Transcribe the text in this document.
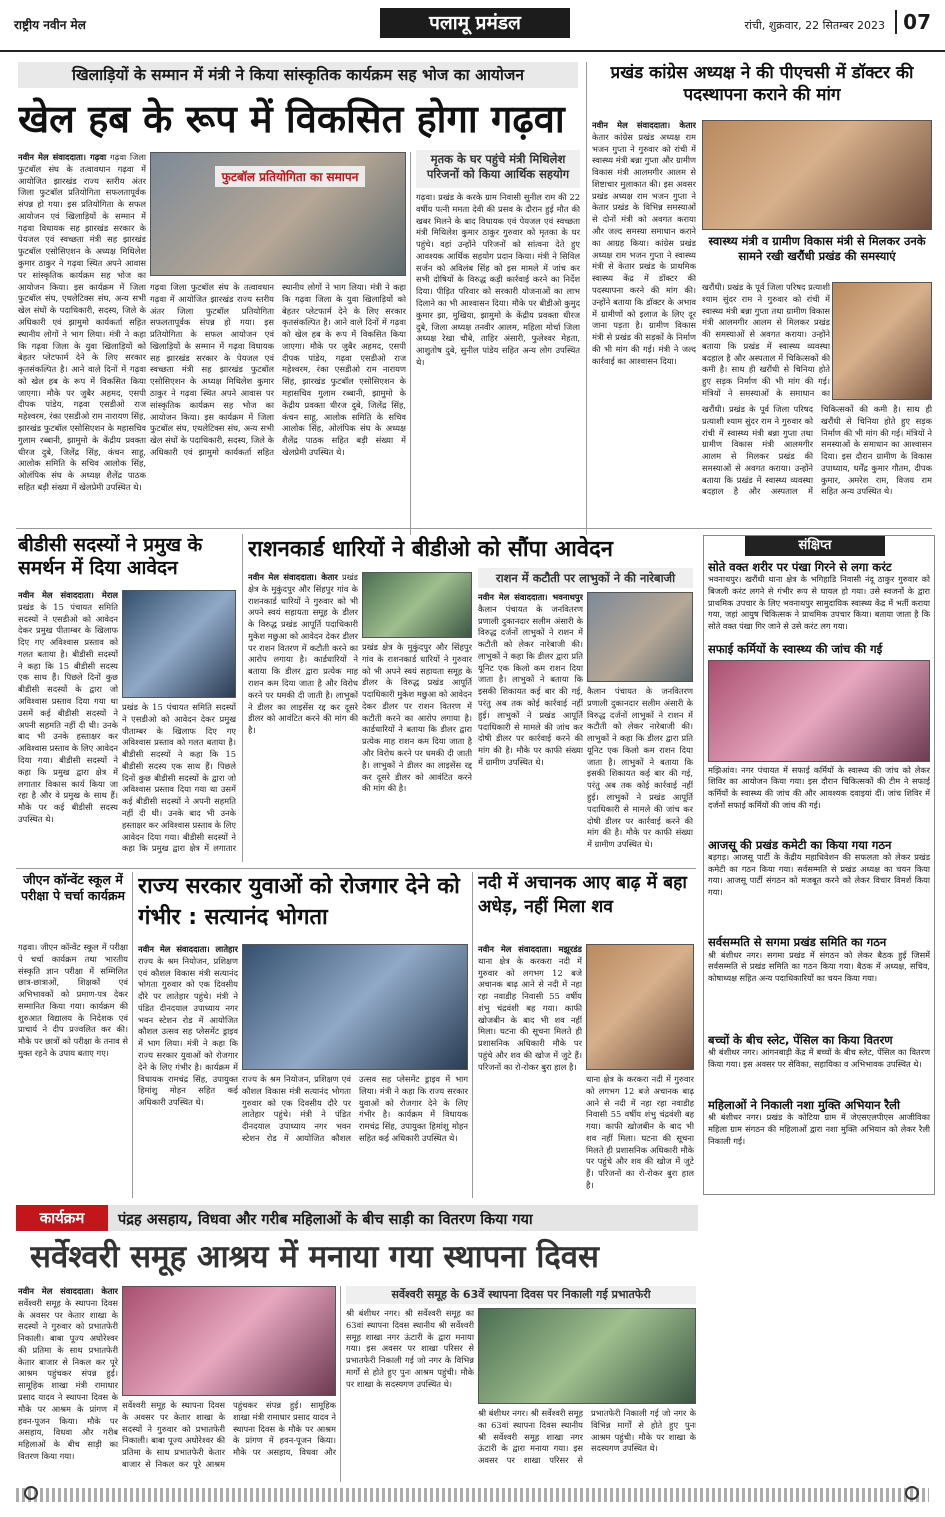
राष्ट्रीय नवीन मेल	पलामू प्रमंडल	रांची, शुक्रवार, 22 सितम्बर 2023 07
खिलाड़ियों के सम्मान में मंत्री ने किया सांस्कृतिक कार्यक्रम सह भोज का आयोजन
खेल हब के रूप में विकसित होगा गढ़वा
नवीन मेल संवाददाता। गढ़वा गढ़वा जिला फुटबॉल संघ के तत्वावधान गढ़वा में आयोजित झारखंड राज्य स्तरीय अंतर जिला फुटबॉल प्रतियोगिता सफलतापूर्वक संपन्न हो गया। इस प्रतियोगिता के सफल आयोजन एवं खिलाड़ियों के सम्मान में गढ़वा विधायक सह झारखंड सरकार के पेयजल एवं स्वच्छता मंत्री सह झारखंड फुटबॉल एसोसिएशन के अध्यक्ष मिथिलेश कुमार ठाकुर ने गढ़वा स्थित अपने आवास पर सांस्कृतिक कार्यक्रम सह भोज का आयोजन किया। इस कार्यक्रम में जिला फुटबॉल संघ, एथलेटिक्स संघ, अन्य सभी खेल संघों के पदाधिकारी, सदस्य, जिले के अधिकारी एवं झामुमो कार्यकर्ता सहित स्थानीय लोगों ने भाग लिया। मंत्री ने कहा कि गढ़वा जिला के युवा खिलाड़ियों को बेहतर प्लेटफार्म देने के लिए सरकार कृतसंकल्पित है। आने वाले दिनों में गढ़वा को खेल हब के रूप में विकसित किया जाएगा। मौके पर जुबैर अहमद, एसपी दीपक पांडेय, गढ़वा एसडीओ राज महेश्वरम, रंका एसडीओ राम नारायण सिंह, झारखंड फुटबॉल एसोसिएशन के महासचिव गुलाम रब्बानी, झामुमो के केंद्रीय प्रवक्ता धीरज दुबे, जिलेंद्र सिंह, कंचन साहू, आलोक समिति के सचिव आलोक सिंह, ओलंपिक संघ के अध्यक्ष शैलेंद्र पाठक सहित बड़ी संख्या में खेलप्रेमी उपस्थित थे।
फुटबॉल प्रतियोगिता का समापन
गढ़वा जिला फुटबॉल संघ के तत्वावधान गढ़वा में आयोजित झारखंड राज्य स्तरीय अंतर जिला फुटबॉल प्रतियोगिता सफलतापूर्वक संपन्न हो गया। इस प्रतियोगिता के सफल आयोजन एवं खिलाड़ियों के सम्मान में गढ़वा विधायक सह झारखंड सरकार के पेयजल एवं स्वच्छता मंत्री सह झारखंड फुटबॉल एसोसिएशन के अध्यक्ष मिथिलेश कुमार ठाकुर ने गढ़वा स्थित अपने आवास पर सांस्कृतिक कार्यक्रम सह भोज का आयोजन किया। इस कार्यक्रम में जिला फुटबॉल संघ, एथलेटिक्स संघ, अन्य सभी खेल संघों के पदाधिकारी, सदस्य, जिले के अधिकारी एवं झामुमो कार्यकर्ता सहित स्थानीय लोगों ने भाग लिया। मंत्री ने कहा कि गढ़वा जिला के युवा खिलाड़ियों को बेहतर प्लेटफार्म देने के लिए सरकार कृतसंकल्पित है। आने वाले दिनों में गढ़वा को खेल हब के रूप में विकसित किया जाएगा। मौके पर जुबैर अहमद, एसपी दीपक पांडेय, गढ़वा एसडीओ राज महेश्वरम, रंका एसडीओ राम नारायण सिंह, झारखंड फुटबॉल एसोसिएशन के महासचिव गुलाम रब्बानी, झामुमो के केंद्रीय प्रवक्ता धीरज दुबे, जिलेंद्र सिंह, कंचन साहू, आलोक समिति के सचिव आलोक सिंह, ओलंपिक संघ के अध्यक्ष शैलेंद्र पाठक सहित बड़ी संख्या में खेलप्रेमी उपस्थित थे।
मृतक के घर पहुंचे मंत्री मिथिलेश परिजनों को किया आर्थिक सहयोग
गढ़वा। प्रखंड के करके ग्राम निवासी सुनील राम की 22 वर्षीय पत्नी ममता देवी की प्रसव के दौरान हुई मौत की खबर मिलने के बाद विधायक एवं पेयजल एवं स्वच्छता मंत्री मिथिलेश कुमार ठाकुर गुरुवार को मृतका के घर पहुंचे। वहां उन्होंने परिजनों को सांत्वना देते हुए आवश्यक आर्थिक सहयोग प्रदान किया। मंत्री ने सिविल सर्जन को अविलंब सिंह को इस मामले में जांच कर सभी दोषियों के विरुद्ध कड़ी कार्रवाई करने का निर्देश दिया। पीड़ित परिवार को सरकारी योजनाओं का लाभ दिलाने का भी आश्वासन दिया। मौके पर बीडीओ कुमुद कुमार झा, मुखिया, झामुमो के केंद्रीय प्रवक्ता धीरज दुबे, जिला अध्यक्ष तनवीर आलम, महिला मोर्चा जिला अध्यक्ष रेखा चौबे, ताहिर अंसारी, फुलेश्वर मेहता, आशुतोष दुबे, सुनील पांडेय सहित अन्य लोग उपस्थित थे।
प्रखंड कांग्रेस अध्यक्ष ने की पीएचसी में डॉक्टर की पदस्थापना कराने की मांग
नवीन मेल संवाददाता। केतार केतार कांग्रेस प्रखंड अध्यक्ष राम भजन गुप्ता ने गुरुवार को रांची में स्वास्थ्य मंत्री बन्ना गुप्ता और ग्रामीण विकास मंत्री आलमगीर आलम से शिष्टाचार मुलाकात की। इस अवसर प्रखंड अध्यक्ष राम भजन गुप्ता ने केतार प्रखंड के विभिन्न समस्याओं से दोनों मंत्री को अवगत कराया और जल्द समस्या समाधान कराने का आग्रह किया। कांग्रेस प्रखंड अध्यक्ष राम भजन गुप्ता ने स्वास्थ्य मंत्री से केतार प्रखंड के प्राथमिक स्वास्थ्य केंद्र में डॉक्टर की पदस्थापना करने की मांग की। उन्होंने बताया कि डॉक्टर के अभाव में ग्रामीणों को इलाज के लिए दूर जाना पड़ता है। ग्रामीण विकास मंत्री से प्रखंड की सड़कों के निर्माण की भी मांग की गई। मंत्री ने जल्द कार्रवाई का आश्वासन दिया।
स्वास्थ्य मंत्री व ग्रामीण विकास मंत्री से मिलकर उनके सामने रखी खरौंधी प्रखंड की समस्याएं
खरौंधी। प्रखंड के पूर्व जिला परिषद प्रत्याशी श्याम सुंदर राम ने गुरुवार को रांची में स्वास्थ्य मंत्री बन्ना गुप्ता तथा ग्रामीण विकास मंत्री आलमगीर आलम से मिलकर प्रखंड की समस्याओं से अवगत कराया। उन्होंने बताया कि प्रखंड में स्वास्थ्य व्यवस्था बदहाल है और अस्पताल में चिकित्सकों की कमी है। साथ ही खरौंधी से चिनिया होते हुए सड़क निर्माण की भी मांग की गई। मंत्रियों ने समस्याओं के समाधान का
खरौंधी। प्रखंड के पूर्व जिला परिषद प्रत्याशी श्याम सुंदर राम ने गुरुवार को रांची में स्वास्थ्य मंत्री बन्ना गुप्ता तथा ग्रामीण विकास मंत्री आलमगीर आलम से मिलकर प्रखंड की समस्याओं से अवगत कराया। उन्होंने बताया कि प्रखंड में स्वास्थ्य व्यवस्था बदहाल है और अस्पताल में चिकित्सकों की कमी है। साथ ही खरौंधी से चिनिया होते हुए सड़क निर्माण की भी मांग की गई। मंत्रियों ने समस्याओं के समाधान का आश्वासन दिया। इस दौरान ग्रामीण के विकास उपाध्याय, धर्मेंद्र कुमार गौतम, दीपक कुमार, अमरेश राम, विजय राम सहित अन्य उपस्थित थे।
बीडीसी सदस्यों ने प्रमुख के समर्थन में दिया आवेदन
नवीन मेल संवाददाता। मेराल प्रखंड के 15 पंचायत समिति सदस्यों ने एसडीओ को आवेदन देकर प्रमुख पीताम्बर के खिलाफ दिए गए अविश्वास प्रस्ताव को गलत बताया है। बीडीसी सदस्यों ने कहा कि 15 बीडीसी सदस्य एक साथ हैं। पिछले दिनों कुछ बीडीसी सदस्यों के द्वारा जो अविश्वास प्रस्ताव दिया गया था उसमें कई बीडीसी सदस्यों ने अपनी सहमति नहीं दी थी। उनके बाद भी उनके हस्ताक्षर कर अविश्वास प्रस्ताव के लिए आवेदन दिया गया। बीडीसी सदस्यों ने कहा कि प्रमुख द्वारा क्षेत्र में लगातार विकास कार्य किया जा रहा है और वे प्रमुख के साथ हैं। मौके पर कई बीडीसी सदस्य उपस्थित थे।
प्रखंड के 15 पंचायत समिति सदस्यों ने एसडीओ को आवेदन देकर प्रमुख पीताम्बर के खिलाफ दिए गए अविश्वास प्रस्ताव को गलत बताया है। बीडीसी सदस्यों ने कहा कि 15 बीडीसी सदस्य एक साथ हैं। पिछले दिनों कुछ बीडीसी सदस्यों के द्वारा जो अविश्वास प्रस्ताव दिया गया था उसमें कई बीडीसी सदस्यों ने अपनी सहमति नहीं दी थी। उनके बाद भी उनके हस्ताक्षर कर अविश्वास प्रस्ताव के लिए आवेदन दिया गया। बीडीसी सदस्यों ने कहा कि प्रमुख द्वारा क्षेत्र में लगातार
राशनकार्ड धारियों ने बीडीओ को सौंपा आवेदन
नवीन मेल संवाददाता। केतार प्रखंड क्षेत्र के मुकुंदपुर और सिंहपुर गांव के राशनकार्ड धारियों ने गुरुवार को भी अपने स्वयं सहायता समूह के डीलर के विरुद्ध प्रखंड आपूर्ति पदाधिकारी मुकेश मछुआ को आवेदन देकर डीलर पर राशन वितरण में कटौती करने का आरोप लगाया है। कार्डधारियों ने बताया कि डीलर द्वारा प्रत्येक माह राशन कम दिया जाता है और विरोध करने पर धमकी दी जाती है। लाभुकों ने डीलर का लाइसेंस रद्द कर दूसरे डीलर को आवंटित करने की मांग की है।
प्रखंड क्षेत्र के मुकुंदपुर और सिंहपुर गांव के राशनकार्ड धारियों ने गुरुवार को भी अपने स्वयं सहायता समूह के डीलर के विरुद्ध प्रखंड आपूर्ति पदाधिकारी मुकेश मछुआ को आवेदन देकर डीलर पर राशन वितरण में कटौती करने का आरोप लगाया है। कार्डधारियों ने बताया कि डीलर द्वारा प्रत्येक माह राशन कम दिया जाता है और विरोध करने पर धमकी दी जाती है। लाभुकों ने डीलर का लाइसेंस रद्द कर दूसरे डीलर को आवंटित करने की मांग की है।
राशन में कटौती पर लाभुकों ने की नारेबाजी
नवीन मेल संवाददाता। भवनाथपुर कैलान पंचायत के जनवितरण प्रणाली दुकानदार सलीम अंसारी के विरुद्ध दर्जनों लाभुकों ने राशन में कटौती को लेकर नारेबाजी की। लाभुकों ने कहा कि डीलर द्वारा प्रति यूनिट एक किलो कम राशन दिया जाता है। लाभुकों ने बताया कि इसकी शिकायत कई बार की गई, परंतु अब तक कोई कार्रवाई नहीं हुई। लाभुकों ने प्रखंड आपूर्ति पदाधिकारी से मामले की जांच कर दोषी डीलर पर कार्रवाई करने की मांग की है। मौके पर काफी संख्या में ग्रामीण उपस्थित थे।
कैलान पंचायत के जनवितरण प्रणाली दुकानदार सलीम अंसारी के विरुद्ध दर्जनों लाभुकों ने राशन में कटौती को लेकर नारेबाजी की। लाभुकों ने कहा कि डीलर द्वारा प्रति यूनिट एक किलो कम राशन दिया जाता है। लाभुकों ने बताया कि इसकी शिकायत कई बार की गई, परंतु अब तक कोई कार्रवाई नहीं हुई। लाभुकों ने प्रखंड आपूर्ति पदाधिकारी से मामले की जांच कर दोषी डीलर पर कार्रवाई करने की मांग की है। मौके पर काफी संख्या में ग्रामीण उपस्थित थे।
संक्षिप्त
सोते वक्त शरीर पर पंखा गिरने से लगा करंट
भवनाथपुर। खरौंधी थाना क्षेत्र के भगिहाडि निवासी नंदू ठाकुर गुरुवार को बिजली करंट लगने से गंभीर रूप से घायल हो गया। उसे स्वजनों के द्वारा प्राथमिक उपचार के लिए भवनाथपुर सामुदायिक स्वास्थ्य केंद्र में भर्ती कराया गया, जहां आयुष चिकित्सक ने प्राथमिक उपचार किया। बताया जाता है कि सोते वक्त पंखा गिर जाने से उसे करंट लग गया।
सफाई कर्मियों के स्वास्थ्य की जांच की गई
मझिआंव। नगर पंचायत में सफाई कर्मियों के स्वास्थ्य की जांच को लेकर शिविर का आयोजन किया गया। इस दौरान चिकित्सकों की टीम ने सफाई कर्मियों के स्वास्थ्य की जांच की और आवश्यक दवाइयां दीं। जांच शिविर में दर्जनों सफाई कर्मियों की जांच की गई।
आजसू की प्रखंड कमेटी का किया गया गठन
बड़गड़। आजसू पार्टी के केंद्रीय महाधिवेशन की सफलता को लेकर प्रखंड कमेटी का गठन किया गया। सर्वसम्मति से प्रखंड अध्यक्ष का चयन किया गया। आजसू पार्टी संगठन को मजबूत करने को लेकर विचार विमर्श किया गया।
सर्वसम्मति से सगमा प्रखंड समिति का गठन
श्री बंशीधर नगर। सगमा प्रखंड में संगठन को लेकर बैठक हुई जिसमें सर्वसम्मति से प्रखंड समिति का गठन किया गया। बैठक में अध्यक्ष, सचिव, कोषाध्यक्ष सहित अन्य पदाधिकारियों का चयन किया गया।
बच्चों के बीच स्लेट, पेंसिल का किया वितरण
श्री बंशीधर नगर। आंगनबाड़ी केंद्र में बच्चों के बीच स्लेट, पेंसिल का वितरण किया गया। इस अवसर पर सेविका, सहायिका व अभिभावक उपस्थित थे।
महिलाओं ने निकाली नशा मुक्ति अभियान रैली
श्री बंशीधर नगर। प्रखंड के कोटिया ग्राम में जेएसएलपीएस आजीविका महिला ग्राम संगठन की महिलाओं द्वारा नशा मुक्ति अभियान को लेकर रैली निकाली गई।
जीएन कॉन्वेंट स्कूल में परीक्षा पे चर्चा कार्यक्रम
गढ़वा। जीएन कॉन्वेंट स्कूल में परीक्षा पे चर्चा कार्यक्रम तथा भारतीय संस्कृति ज्ञान परीक्षा में सम्मिलित छात्र-छात्राओं, शिक्षकों एवं अभिभावकों को प्रमाण-पत्र देकर सम्मानित किया गया। कार्यक्रम की शुरुआत विद्यालय के निदेशक एवं प्राचार्य ने दीप प्रज्वलित कर की। मौके पर छात्रों को परीक्षा के तनाव से मुक्त रहने के उपाय बताए गए।
राज्य सरकार युवाओं को रोजगार देने को गंभीर : सत्यानंद भोगता
नवीन मेल संवाददाता। लातेहार राज्य के श्रम नियोजन, प्रशिक्षण एवं कौशल विकास मंत्री सत्यानंद भोगता गुरुवार को एक दिवसीय दौरे पर लातेहार पहुंचे। मंत्री ने पंडित दीनदयाल उपाध्याय नगर भवन स्टेशन रोड में आयोजित कौशल उत्सव सह प्लेसमेंट ड्राइव में भाग लिया। मंत्री ने कहा कि राज्य सरकार युवाओं को रोजगार देने के लिए गंभीर है। कार्यक्रम में विधायक रामचंद्र सिंह, उपायुक्त हिमांशु मोहन सहित कई अधिकारी उपस्थित थे।
राज्य के श्रम नियोजन, प्रशिक्षण एवं कौशल विकास मंत्री सत्यानंद भोगता गुरुवार को एक दिवसीय दौरे पर लातेहार पहुंचे। मंत्री ने पंडित दीनदयाल उपाध्याय नगर भवन स्टेशन रोड में आयोजित कौशल उत्सव सह प्लेसमेंट ड्राइव में भाग लिया। मंत्री ने कहा कि राज्य सरकार युवाओं को रोजगार देने के लिए गंभीर है। कार्यक्रम में विधायक रामचंद्र सिंह, उपायुक्त हिमांशु मोहन सहित कई अधिकारी उपस्थित थे।
नदी में अचानक आए बाढ़ में बहा अधेड़, नहीं मिला शव
नवीन मेल संवाददाता। मझूरडंड थाना क्षेत्र के करकरा नदी में गुरुवार को लगभग 12 बजे अचानक बाढ़ आने से नदी में नहा रहा नवाडीह निवासी 55 वर्षीय शंभु चंद्रवंशी बह गया। काफी खोजबीन के बाद भी शव नहीं मिला। घटना की सूचना मिलते ही प्रशासनिक अधिकारी मौके पर पहुंचे और शव की खोज में जुटे हैं। परिजनों का रो-रोकर बुरा हाल है।
थाना क्षेत्र के करकरा नदी में गुरुवार को लगभग 12 बजे अचानक बाढ़ आने से नदी में नहा रहा नवाडीह निवासी 55 वर्षीय शंभु चंद्रवंशी बह गया। काफी खोजबीन के बाद भी शव नहीं मिला। घटना की सूचना मिलते ही प्रशासनिक अधिकारी मौके पर पहुंचे और शव की खोज में जुटे हैं। परिजनों का रो-रोकर बुरा हाल है।
कार्यक्रम	पंद्रह असहाय, विधवा और गरीब महिलाओं के बीच साड़ी का वितरण किया गया
सर्वेश्वरी समूह आश्रय में मनाया गया स्थापना दिवस
नवीन मेल संवाददाता। केतार सर्वेश्वरी समूह के स्थापना दिवस के अवसर पर केतार शाखा के सदस्यों ने गुरुवार को प्रभातफेरी निकाली। बाबा पूज्य अघोरेश्वर की प्रतिमा के साथ प्रभातफेरी केतार बाजार से निकल कर पूरे आश्रम पहुंचकर संपन्न हुई। सामूहिक शाखा मंत्री रामाधार प्रसाद यादव ने स्थापना दिवस के मौके पर आश्रम के प्रांगण में हवन-पूजन किया। मौके पर असहाय, विधवा और गरीब महिलाओं के बीच साड़ी का वितरण किया गया।
सर्वेश्वरी समूह के स्थापना दिवस के अवसर पर केतार शाखा के सदस्यों ने गुरुवार को प्रभातफेरी निकाली। बाबा पूज्य अघोरेश्वर की प्रतिमा के साथ प्रभातफेरी केतार बाजार से निकल कर पूरे आश्रम पहुंचकर संपन्न हुई। सामूहिक शाखा मंत्री रामाधार प्रसाद यादव ने स्थापना दिवस के मौके पर आश्रम के प्रांगण में हवन-पूजन किया। मौके पर असहाय, विधवा और
सर्वेश्वरी समूह के 63वें स्थापना दिवस पर निकाली गई प्रभातफेरी
श्री बंशीधर नगर। श्री सर्वेश्वरी समूह का 63वां स्थापना दिवस स्थानीय श्री सर्वेश्वरी समूह शाखा नगर ऊंटारी के द्वारा मनाया गया। इस अवसर पर शाखा परिसर से प्रभातफेरी निकाली गई जो नगर के विभिन्न मार्गों से होते हुए पुनः आश्रम पहुंची। मौके पर शाखा के सदस्यगण उपस्थित थे।
श्री बंशीधर नगर। श्री सर्वेश्वरी समूह का 63वां स्थापना दिवस स्थानीय श्री सर्वेश्वरी समूह शाखा नगर ऊंटारी के द्वारा मनाया गया। इस अवसर पर शाखा परिसर से प्रभातफेरी निकाली गई जो नगर के विभिन्न मार्गों से होते हुए पुनः आश्रम पहुंची। मौके पर शाखा के सदस्यगण उपस्थित थे।
